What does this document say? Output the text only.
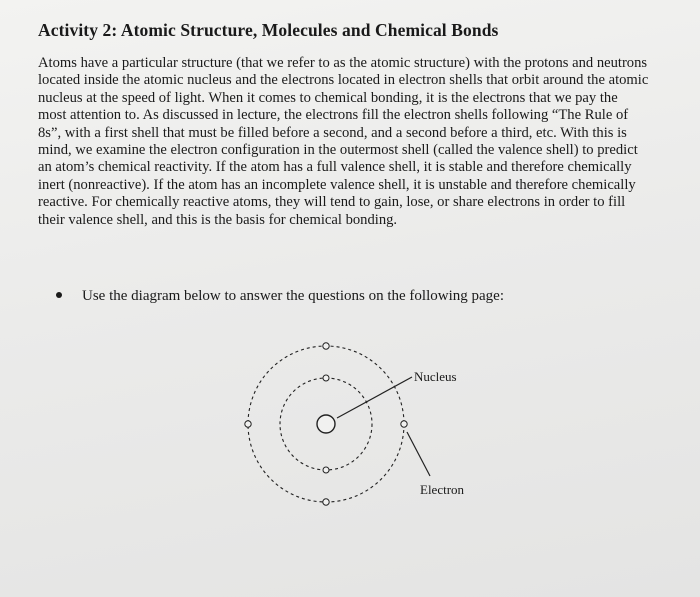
Activity 2: Atomic Structure, Molecules and Chemical Bonds
Atoms have a particular structure (that we refer to as the atomic structure) with the protons and neutrons
located inside the atomic nucleus and the electrons located in electron shells that orbit around the atomic
nucleus at the speed of light. When it comes to chemical bonding, it is the electrons that we pay the
most attention to. As discussed in lecture, the electrons fill the electron shells following “The Rule of
8s”, with a first shell that must be filled before a second, and a second before a third, etc. With this is
mind, we examine the electron configuration in the outermost shell (called the valence shell) to predict
an atom’s chemical reactivity. If the atom has a full valence shell, it is stable and therefore chemically
inert (nonreactive). If the atom has an incomplete valence shell, it is unstable and therefore chemically
reactive. For chemically reactive atoms, they will tend to gain, lose, or share electrons in order to fill
their valence shell, and this is the basis for chemical bonding.
Use the diagram below to answer the questions on the following page:
Nucleus
Electron
